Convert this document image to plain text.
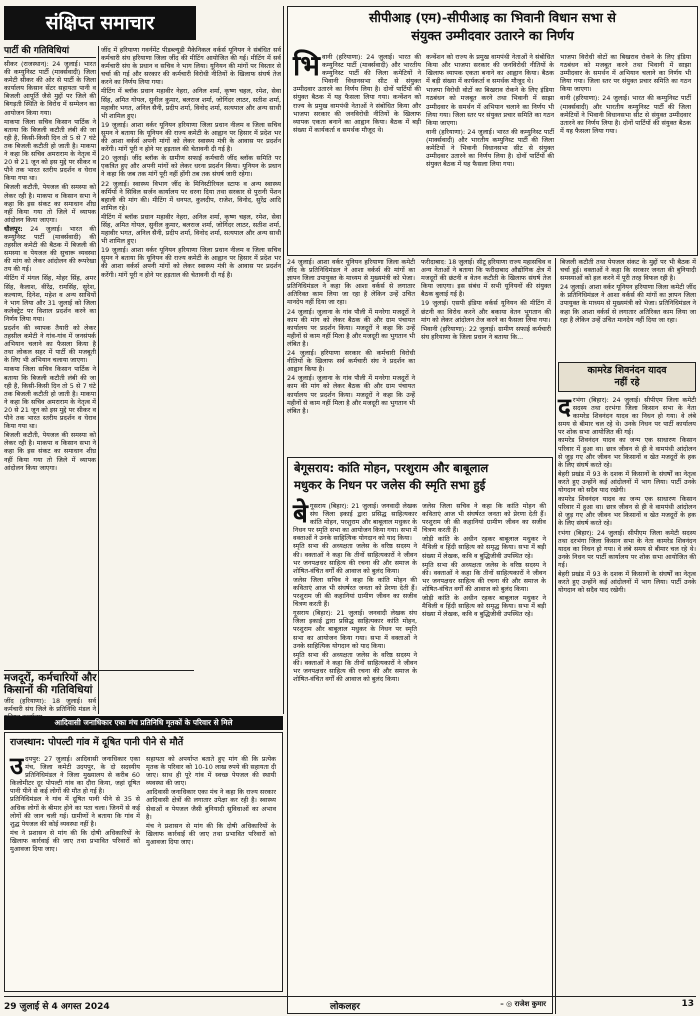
संक्षिप्त समाचार
पार्टी की गतिविधियां

सीकर (राजस्थान): 24 जुलाई। भारत की कम्युनिस्ट पार्टी (मार्क्सवादी) जिला कमेटी सीकर की ओर से पार्टी के जिला कार्यालय किसान सेंटर सहायता पानी व बिजली आपूर्ति जैसे मुद्दों पर जिले की बिगड़ती स्थिति के विरोध में सम्मेलन का आयोजन किया गया।

माकपा जिला सचिव किसान पार्टिक ने बताया कि बिजली कटौती लंबी की जा रही है, किसी-किसी दिन तो 5 से 7 घंटे तक बिजली कटौती हो जाती है। माकपा ने कहा कि सचिव अमराराम के नेतृत्व में 20 से 21 जून को इस मुद्दे पर सीकर व पौने तक भारत स्तरीय प्रदर्शन व घेराव किया गया था।

बिजली कटौती, पेयजल की समस्या को लेकर रही है। माकपा व किसान सभा ने कहा कि इस संकट का समाधान शीघ्र नहीं किया गया तो जिले में व्यापक आंदोलन किया जाएगा।

धौलपुर: 24 जुलाई। भारत की कम्युनिस्ट पार्टी (मार्क्सवादी) की तहसील कमेटी की बैठक में बिजली की समस्या व पेयजल की सुचारू व्यवस्था की मांग को लेकर आंदोलन की रूपरेखा तय की गई।

मीटिंग में मंगल सिंह, मोहर सिंह, अमर सिंह, कैलाश, वीरेंद्र, रामसिंह, सुरेश, कल्याण, दिनेश, महेश व अन्य साथियों ने भाग लिया और 31 जुलाई को जिला कलेक्ट्रेट पर विशाल प्रदर्शन करने का निर्णय लिया गया।

प्रदर्शन की व्यापक तैयारी को लेकर तहसील कमेटी ने गांव-गांव में जनसंपर्क अभियान चलाने का फैसला किया है तथा लोकल सहर में पार्टी की मजबूती के लिए भी अभियान चलाया जाएगा।

माकपा जिला सचिव किसान पार्टिक ने बताया कि बिजली कटौती लंबी की जा रही है, किसी-किसी दिन तो 5 से 7 घंटे तक बिजली कटौती हो जाती है। माकपा ने कहा कि सचिव अमराराम के नेतृत्व में 20 से 21 जून को इस मुद्दे पर सीकर व पौने तक भारत स्तरीय प्रदर्शन व घेराव किया गया था।

बिजली कटौती, पेयजल की समस्या को लेकर रही है। माकपा व किसान सभा ने कहा कि इस संकट का समाधान शीघ्र नहीं किया गया तो जिले में व्यापक आंदोलन किया जाएगा।

मजदूरों, कर्मचारियों और
किसानों की गतिविधियां
जींद (हरियाणा): 18 जुलाई। सर्व कर्मचारी संघ जिले के प्रतिनिधि मंडल ने

जींद में हरियाणा गवर्नमेंट पीडब्ल्यूडी मैकेनिकल वर्कर्स यूनियन ने संबंधित सर्व कर्मचारी संघ हरियाणा जिला जींद की मीटिंग आयोजित की गई। मीटिंग में सर्व कर्मचारी संघ के प्रधान व सचिव ने भाग लिया। यूनियन की मांगों पर विस्तार से चर्चा की गई और सरकार की कर्मचारी विरोधी नीतियों के खिलाफ संघर्ष तेज करने का निर्णय लिया गया।

मीटिंग में ब्लॉक प्रधान महावीर नेहरा, अनिल शर्मा, कृष्ण चहल, रमेश, सेवा सिंह, अमित गोयल, सुनील कुमार, बलराज शर्मा, जोगिंदर लाठर, सतीश शर्मा, महावीर भगत, अनिल सैनी, प्रदीप शर्मा, विनोद शर्मा, सत्यपाल और अन्य साथी भी शामिल हुए।

19 जुलाई। आशा वर्कर यूनियन हरियाणा जिला प्रधान नीलम व जिला सचिव सुमन ने बताया कि यूनियन की राज्य कमेटी के आह्वान पर हिसार में प्रदेश भर की आशा वर्कर्स अपनी मांगों को लेकर स्वास्थ्य मंत्री के आवास पर प्रदर्शन करेंगी। मांगें पूरी न होने पर हड़ताल की चेतावनी दी गई है।

20 जुलाई। जींद ब्लॉक के ग्रामीण सफाई कर्मचारी जींद ब्लॉक समिति पर एकत्रित हुए और अपनी मांगों को लेकर धरना प्रदर्शन किया। यूनियन के प्रधान ने कहा कि जब तक मांगें पूरी नहीं होंगी तब तक संघर्ष जारी रहेगा।

22 जुलाई। स्वास्थ्य विभाग जींद के मिनिस्टीरियल स्टाफ व अन्य स्वास्थ्य कर्मियों ने सिविल सर्जन कार्यालय पर धरना दिया तथा सरकार से पुरानी पेंशन बहाली की मांग की। मीटिंग में धनपत, कुलदीप, राजेश, विनोद, सुरेंद्र आदि शामिल रहे।

मीटिंग में ब्लॉक प्रधान महावीर नेहरा, अनिल शर्मा, कृष्ण चहल, रमेश, सेवा सिंह, अमित गोयल, सुनील कुमार, बलराज शर्मा, जोगिंदर लाठर, सतीश शर्मा, महावीर भगत, अनिल सैनी, प्रदीप शर्मा, विनोद शर्मा, सत्यपाल और अन्य साथी भी शामिल हुए।

19 जुलाई। आशा वर्कर यूनियन हरियाणा जिला प्रधान नीलम व जिला सचिव सुमन ने बताया कि यूनियन की राज्य कमेटी के आह्वान पर हिसार में प्रदेश भर की आशा वर्कर्स अपनी मांगों को लेकर स्वास्थ्य मंत्री के आवास पर प्रदर्शन करेंगी। मांगें पूरी न होने पर हड़ताल की चेतावनी दी गई है।

सीपीआइ (एम)-सीपीआइ का भिवानी विधान सभा से
संयुक्त उम्मीदवार उतारने का निर्णय
भि वानी (हरियाणा): 24 जुलाई। भारत की कम्युनिस्ट पार्टी (मार्क्सवादी) और भारतीय कम्युनिस्ट पार्टी की जिला कमेटियों ने भिवानी विधानसभा सीट से संयुक्त उम्मीदवार उतारने का निर्णय लिया है। दोनों पार्टियों की संयुक्त बैठक में यह फैसला लिया गया। कन्वेंशन को राज्य के प्रमुख वामपंथी नेताओं ने संबोधित किया और भाजपा सरकार की जनविरोधी नीतियों के खिलाफ व्यापक एकता बनाने का आह्वान किया। बैठक में बड़ी संख्या में कार्यकर्ता व समर्थक मौजूद थे।

कन्वेंशन को राज्य के प्रमुख वामपंथी नेताओं ने संबोधित किया और भाजपा सरकार की जनविरोधी नीतियों के खिलाफ व्यापक एकता बनाने का आह्वान किया। बैठक में बड़ी संख्या में कार्यकर्ता व समर्थक मौजूद थे।

भाजपा विरोधी वोटों का बिखराव रोकने के लिए इंडिया गठबंधन को मजबूत करने तथा भिवानी में साझा उम्मीदवार के समर्थन में अभियान चलाने का निर्णय भी लिया गया। जिला स्तर पर संयुक्त प्रचार समिति का गठन किया जाएगा।

वानी (हरियाणा): 24 जुलाई। भारत की कम्युनिस्ट पार्टी (मार्क्सवादी) और भारतीय कम्युनिस्ट पार्टी की जिला कमेटियों ने भिवानी विधानसभा सीट से संयुक्त उम्मीदवार उतारने का निर्णय लिया है। दोनों पार्टियों की संयुक्त बैठक में यह फैसला लिया गया।

भाजपा विरोधी वोटों का बिखराव रोकने के लिए इंडिया गठबंधन को मजबूत करने तथा भिवानी में साझा उम्मीदवार के समर्थन में अभियान चलाने का निर्णय भी लिया गया। जिला स्तर पर संयुक्त प्रचार समिति का गठन किया जाएगा।

वानी (हरियाणा): 24 जुलाई। भारत की कम्युनिस्ट पार्टी (मार्क्सवादी) और भारतीय कम्युनिस्ट पार्टी की जिला कमेटियों ने भिवानी विधानसभा सीट से संयुक्त उम्मीदवार उतारने का निर्णय लिया है। दोनों पार्टियों की संयुक्त बैठक में यह फैसला लिया गया।

24 जुलाई। आशा वर्कर यूनियन हरियाणा जिला कमेटी जींद के प्रतिनिधिमंडल ने आशा वर्कर्स की मांगों का ज्ञापन जिला उपायुक्त के माध्यम से मुख्यमंत्री को भेजा। प्रतिनिधिमंडल ने कहा कि आशा वर्कर्स से लगातार अतिरिक्त काम लिया जा रहा है लेकिन उन्हें उचित मानदेय नहीं दिया जा रहा।

24 जुलाई। जुलाना के गांव पौली में मनरेगा मजदूरों ने काम की मांग को लेकर बैठक की और ग्राम पंचायत कार्यालय पर प्रदर्शन किया। मजदूरों ने कहा कि उन्हें महीनों से काम नहीं मिला है और मजदूरी का भुगतान भी लंबित है।

24 जुलाई। हरियाणा सरकार की कर्मचारी विरोधी नीतियों के खिलाफ सर्व कर्मचारी संघ ने प्रदर्शन का आह्वान किया है।

24 जुलाई। जुलाना के गांव पौली में मनरेगा मजदूरों ने काम की मांग को लेकर बैठक की और ग्राम पंचायत कार्यालय पर प्रदर्शन किया। मजदूरों ने कहा कि उन्हें महीनों से काम नहीं मिला है और मजदूरी का भुगतान भी लंबित है।

फरीदाबाद: 18 जुलाई। सीटू हरियाणा राज्य महासचिव व अन्य नेताओं ने बताया कि फरीदाबाद औद्योगिक क्षेत्र में मजदूरों की छंटनी व वेतन कटौती के खिलाफ संघर्ष तेज किया जाएगा। इस संबंध में सभी यूनियनों की संयुक्त बैठक बुलाई गई है।

19 जुलाई। एसपी इंडिया वर्कर्स यूनियन की मीटिंग में छंटनी का विरोध करने और बकाया वेतन भुगतान की मांग को लेकर आंदोलन तेज करने का फैसला लिया गया।

भिवानी (हरियाणा): 22 जुलाई। ग्रामीण सफाई कर्मचारी संघ हरियाणा के जिला प्रधान ने बताया कि...

बिजली कटौती तथा पेयजल संकट के मुद्दों पर भी बैठक में चर्चा हुई। वक्ताओं ने कहा कि सरकार जनता की बुनियादी समस्याओं को हल करने में पूरी तरह विफल रही है।

24 जुलाई। आशा वर्कर यूनियन हरियाणा जिला कमेटी जींद के प्रतिनिधिमंडल ने आशा वर्कर्स की मांगों का ज्ञापन जिला उपायुक्त के माध्यम से मुख्यमंत्री को भेजा। प्रतिनिधिमंडल ने कहा कि आशा वर्कर्स से लगातार अतिरिक्त काम लिया जा रहा है लेकिन उन्हें उचित मानदेय नहीं दिया जा रहा।

कामरेड शिवनंदन यादव
नहीं रहे
द रभंगा (बिहार): 24 जुलाई। सीपीएम जिला कमेटी सदस्य तथा दरभंगा जिला किसान सभा के नेता कामरेड शिवनंदन यादव का निधन हो गया। वे लंबे समय से बीमार चल रहे थे। उनके निधन पर पार्टी कार्यालय पर शोक सभा आयोजित की गई।

कामरेड शिवनंदन यादव का जन्म एक साधारण किसान परिवार में हुआ था। छात्र जीवन से ही वे वामपंथी आंदोलन से जुड़ गए और जीवन भर किसानों व खेत मजदूरों के हक के लिए संघर्ष करते रहे।

बेहरी प्रखंड में 93 के दशक में किसानों के संघर्षों का नेतृत्व करते हुए उन्होंने कई आंदोलनों में भाग लिया। पार्टी उनके योगदान को सदैव याद रखेगी।

कामरेड शिवनंदन यादव का जन्म एक साधारण किसान परिवार में हुआ था। छात्र जीवन से ही वे वामपंथी आंदोलन से जुड़ गए और जीवन भर किसानों व खेत मजदूरों के हक के लिए संघर्ष करते रहे।

रभंगा (बिहार): 24 जुलाई। सीपीएम जिला कमेटी सदस्य तथा दरभंगा जिला किसान सभा के नेता कामरेड शिवनंदन यादव का निधन हो गया। वे लंबे समय से बीमार चल रहे थे। उनके निधन पर पार्टी कार्यालय पर शोक सभा आयोजित की गई।

बेहरी प्रखंड में 93 के दशक में किसानों के संघर्षों का नेतृत्व करते हुए उन्होंने कई आंदोलनों में भाग लिया। पार्टी उनके योगदान को सदैव याद रखेगी।

बेगूसराय: कांति मोहन, परशुराम और बाबूलाल
मधुकर के निधन पर जलेस की स्मृति सभा हुई
बे गूसराय (बिहार): 21 जुलाई। जनवादी लेखक संघ जिला इकाई द्वारा प्रसिद्ध साहित्यकार कांति मोहन, परशुराम और बाबूलाल मधुकर के निधन पर स्मृति सभा का आयोजन किया गया। सभा में वक्ताओं ने उनके साहित्यिक योगदान को याद किया।

स्मृति सभा की अध्यक्षता जलेस के वरिष्ठ सदस्य ने की। वक्ताओं ने कहा कि तीनों साहित्यकारों ने जीवन भर जनपक्षधर साहित्य की रचना की और समाज के शोषित-वंचित वर्गों की आवाज को बुलंद किया।

जलेस जिला सचिव ने कहा कि कांति मोहन की कविताएं आज भी संघर्षरत जनता को प्रेरणा देती हैं। परशुराम जी की कहानियां ग्रामीण जीवन का सजीव चित्रण करती हैं।

गूसराय (बिहार): 21 जुलाई। जनवादी लेखक संघ जिला इकाई द्वारा प्रसिद्ध साहित्यकार कांति मोहन, परशुराम और बाबूलाल मधुकर के निधन पर स्मृति सभा का आयोजन किया गया। सभा में वक्ताओं ने उनके साहित्यिक योगदान को याद किया।

स्मृति सभा की अध्यक्षता जलेस के वरिष्ठ सदस्य ने की। वक्ताओं ने कहा कि तीनों साहित्यकारों ने जीवन भर जनपक्षधर साहित्य की रचना की और समाज के शोषित-वंचित वर्गों की आवाज को बुलंद किया।

जलेस जिला सचिव ने कहा कि कांति मोहन की कविताएं आज भी संघर्षरत जनता को प्रेरणा देती हैं। परशुराम जी की कहानियां ग्रामीण जीवन का सजीव चित्रण करती हैं।

जोड़ी कांति के अधीन रहकर बाबूलाल मधुकर ने मैथिली व हिंदी साहित्य को समृद्ध किया। सभा में बड़ी संख्या में लेखक, कवि व बुद्धिजीवी उपस्थित रहे।

स्मृति सभा की अध्यक्षता जलेस के वरिष्ठ सदस्य ने की। वक्ताओं ने कहा कि तीनों साहित्यकारों ने जीवन भर जनपक्षधर साहित्य की रचना की और समाज के शोषित-वंचित वर्गों की आवाज को बुलंद किया।

जोड़ी कांति के अधीन रहकर बाबूलाल मधुकर ने मैथिली व हिंदी साहित्य को समृद्ध किया। सभा में बड़ी संख्या में लेखक, कवि व बुद्धिजीवी उपस्थित रहे।

– ◎ राजेश कुमार
आदिवासी जनाधिकार एका मंच प्रतिनिधि मृतकों के परिवार से मिले
राजस्थान: पोपल्टी गांव में दूषित पानी पीने से मौतें
उ दयपुर: 27 जुलाई। आदिवासी जनाधिकार एका मंच, जिला कमेटी उदयपुर, के दो सदस्यीय प्रतिनिधिमंडल ने जिला मुख्यालय से करीब 60 किलोमीटर दूर पोपल्टी गांव का दौरा किया, जहां दूषित पानी पीने से कई लोगों की मौत हो गई है।

प्रतिनिधिमंडल ने गांव में दूषित पानी पीने से 35 से अधिक लोगों के बीमार होने का पता चला। जिनमें से कई लोगों की जान चली गई। ग्रामीणों ने बताया कि गांव में शुद्ध पेयजल की कोई व्यवस्था नहीं है।

मंच ने प्रशासन से मांग की कि दोषी अधिकारियों के खिलाफ कार्रवाई की जाए तथा प्रभावित परिवारों को मुआवजा दिया जाए।

सहायता को अपर्याप्त बताते हुए मांग की कि प्रत्येक मृतक के परिवार को 10-10 लाख रुपये की सहायता दी जाए। साथ ही पूरे गांव में स्वच्छ पेयजल की स्थायी व्यवस्था की जाए।

आदिवासी जनाधिकार एका मंच ने कहा कि राज्य सरकार आदिवासी क्षेत्रों की लगातार उपेक्षा कर रही है। स्वास्थ्य सेवाओं व पेयजल जैसी बुनियादी सुविधाओं का अभाव है।

मंच ने प्रशासन से मांग की कि दोषी अधिकारियों के खिलाफ कार्रवाई की जाए तथा प्रभावित परिवारों को मुआवजा दिया जाए।

29 जुलाई से 4 अगस्त 2024	लोकलहर	13
